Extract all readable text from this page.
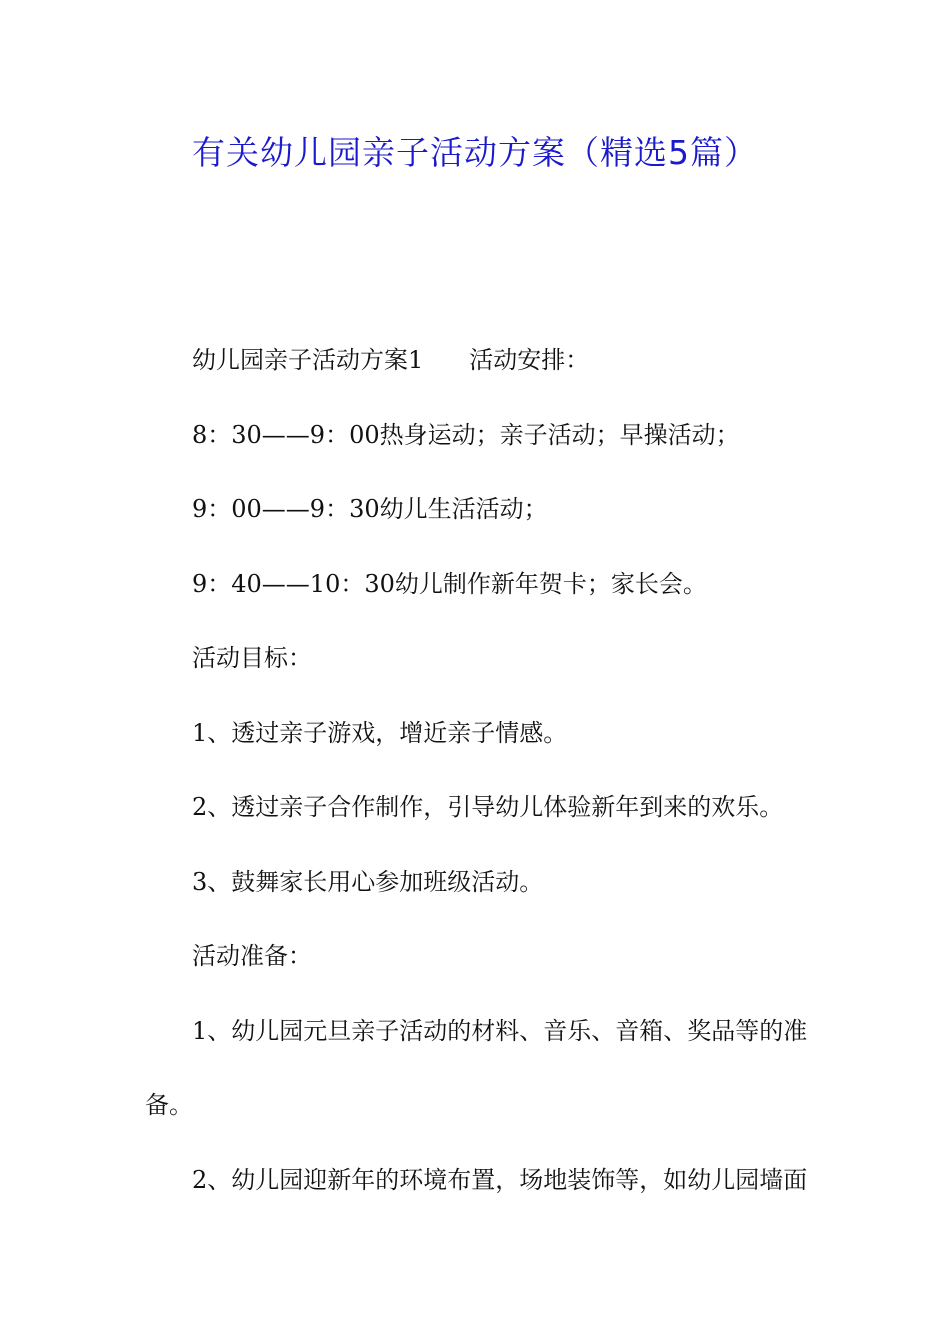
有关幼儿园亲子活动方案（精选5篇）

幼儿园亲子活动方案1 活动安排：

8：30——9：00热身运动；亲子活动；早操活动；

9：00——9：30幼儿生活活动；

9：40——10：30幼儿制作新年贺卡；家长会。

活动目标：

1、透过亲子游戏，增近亲子情感。

2、透过亲子合作制作，引导幼儿体验新年到来的欢乐。

3、鼓舞家长用心参加班级活动。

活动准备：

1、幼儿园元旦亲子活动的材料、音乐、音箱、奖品等的准

备。

2、幼儿园迎新年的环境布置，场地装饰等，如幼儿园墙面
